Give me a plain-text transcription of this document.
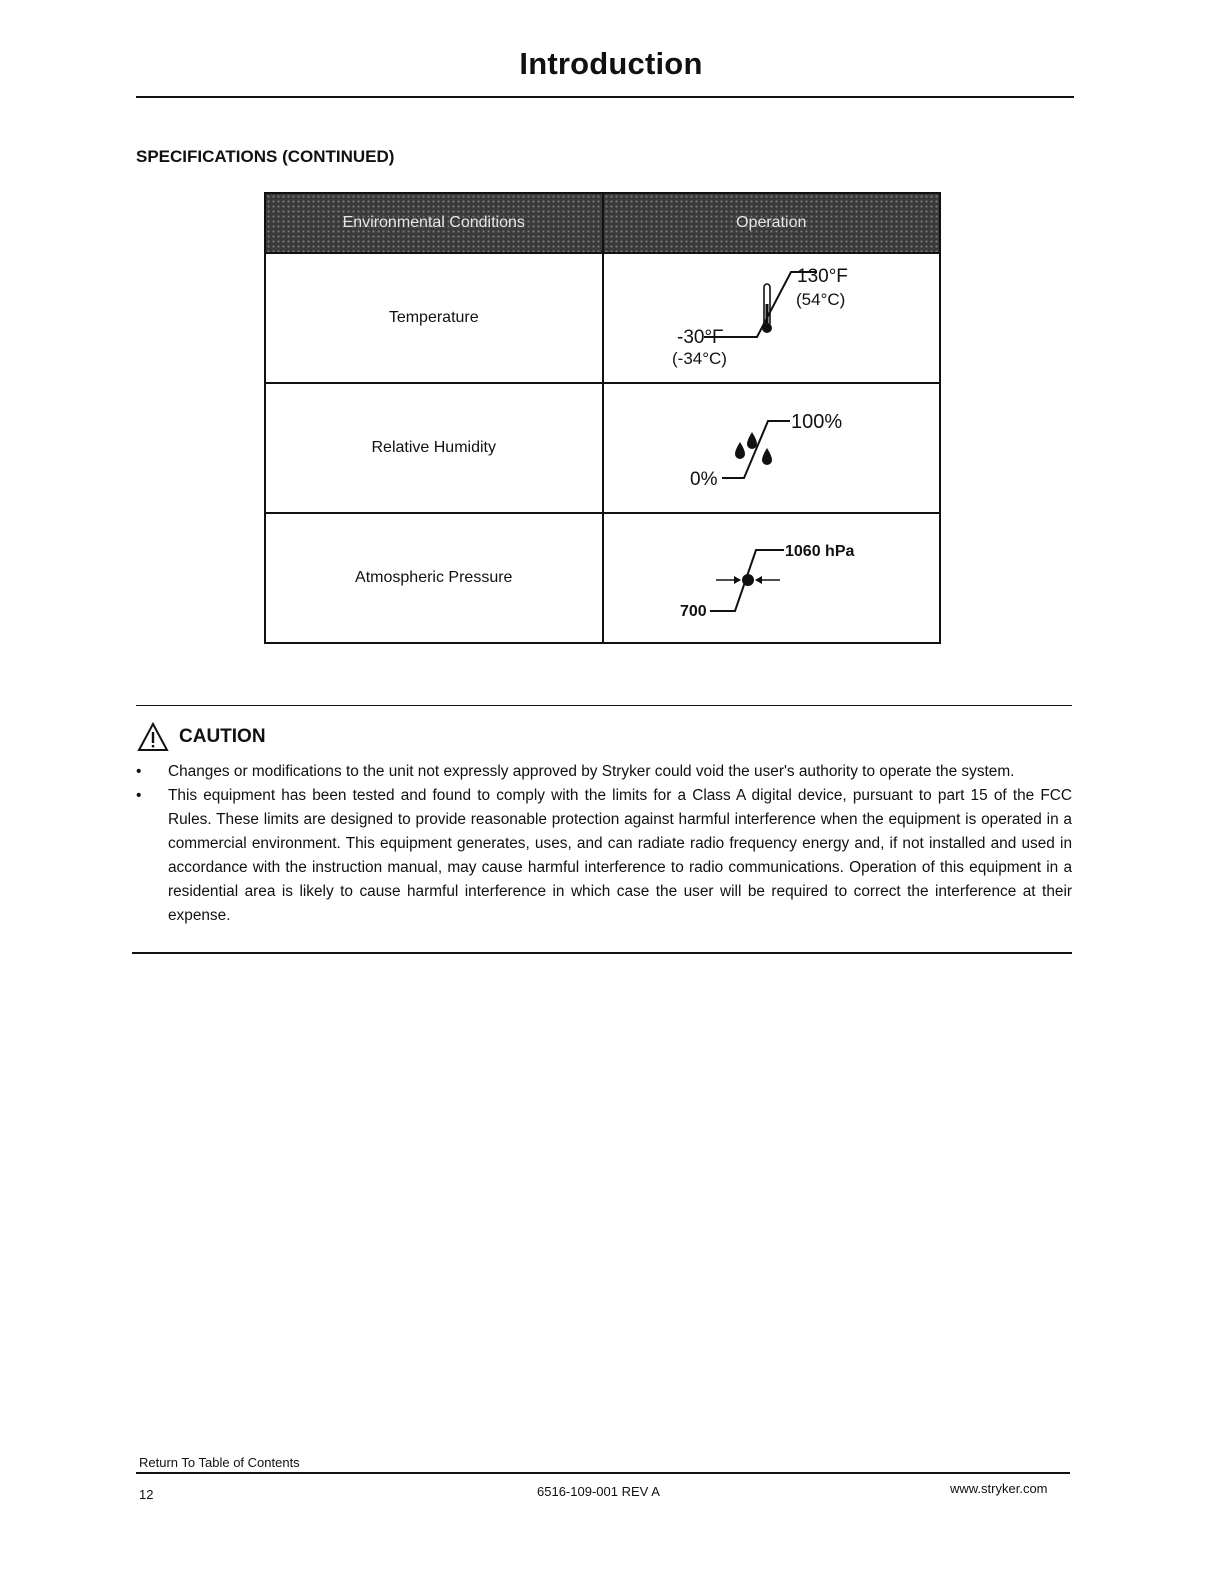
Introduction
SPECIFICATIONS (CONTINUED)
Environmental Conditions	Operation
Temperature	130°F
(54°C)
-30°F
(-34°C)

Relative Humidity	100%
0%

Atmospheric Pressure	1060 hPa
700
CAUTION
• Changes or modifications to the unit not expressly approved by Stryker could void the user's authority to operate the system.
• This equipment has been tested and found to comply with the limits for a Class A digital device, pursuant to part 15 of the FCC Rules. These limits are designed to provide reasonable protection against harmful interference when the equipment is operated in a commercial environment. This equipment generates, uses, and can radiate radio frequency energy and, if not installed and used in accordance with the instruction manual, may cause harmful interference to radio communications. Operation of this equipment in a residential area is likely to cause harmful interference in which case the user will be required to correct the interference at their expense.
Return To Table of Contents
12	6516-109-001 REV A	www.stryker.com
